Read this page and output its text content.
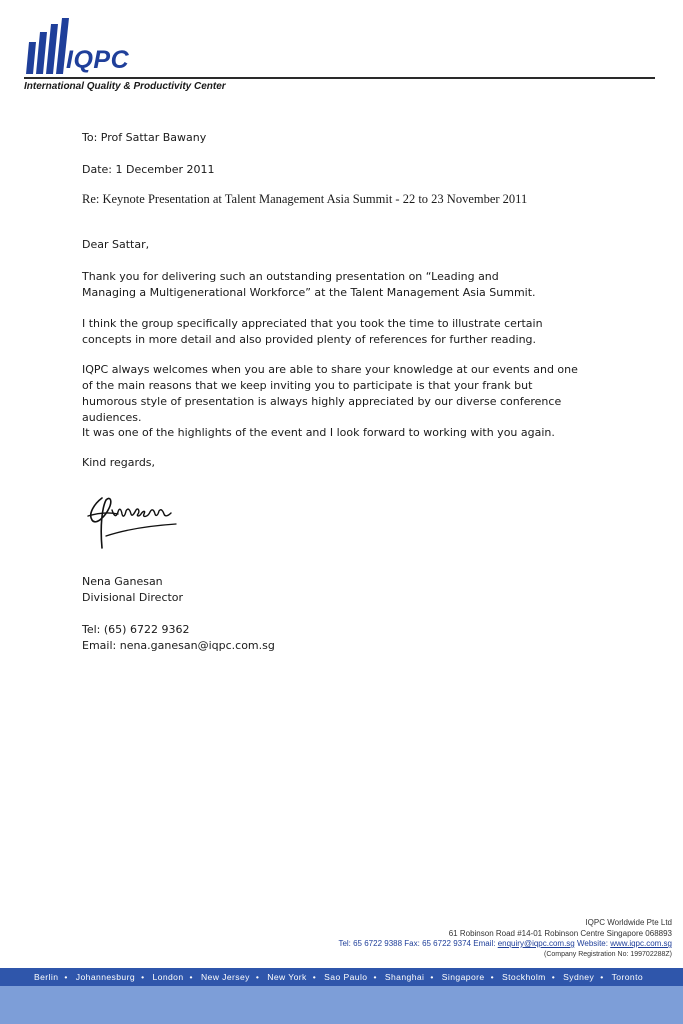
IQPC
International Quality & Productivity Center
To: Prof Sattar Bawany
Date: 1 December 2011
Re: Keynote Presentation at Talent Management Asia Summit - 22 to 23 November 2011
Dear Sattar,
Thank you for delivering such an outstanding presentation on “Leading and Managing a Multigenerational Workforce” at the Talent Management Asia Summit.
I think the group specifically appreciated that you took the time to illustrate certain concepts in more detail and also provided plenty of references for further reading.
IQPC always welcomes when you are able to share your knowledge at our events and one of the main reasons that we keep inviting you to participate is that your frank but humorous style of presentation is always highly appreciated by our diverse conference audiences.
It was one of the highlights of the event and I look forward to working with you again.
Kind regards,
Nena Ganesan
Divisional Director
Tel: (65) 6722 9362
Email: nena.ganesan@iqpc.com.sg
IQPC Worldwide Pte Ltd
61 Robinson Road #14-01 Robinson Centre Singapore 068893
Tel: 65 6722 9388 Fax: 65 6722 9374 Email: enquiry@iqpc.com.sg Website: www.iqpc.com.sg
(Company Registration No: 199702288Z)
Berlin • Johannesburg • London • New Jersey • New York • Sao Paulo • Shanghai • Singapore • Stockholm • Sydney • Toronto
